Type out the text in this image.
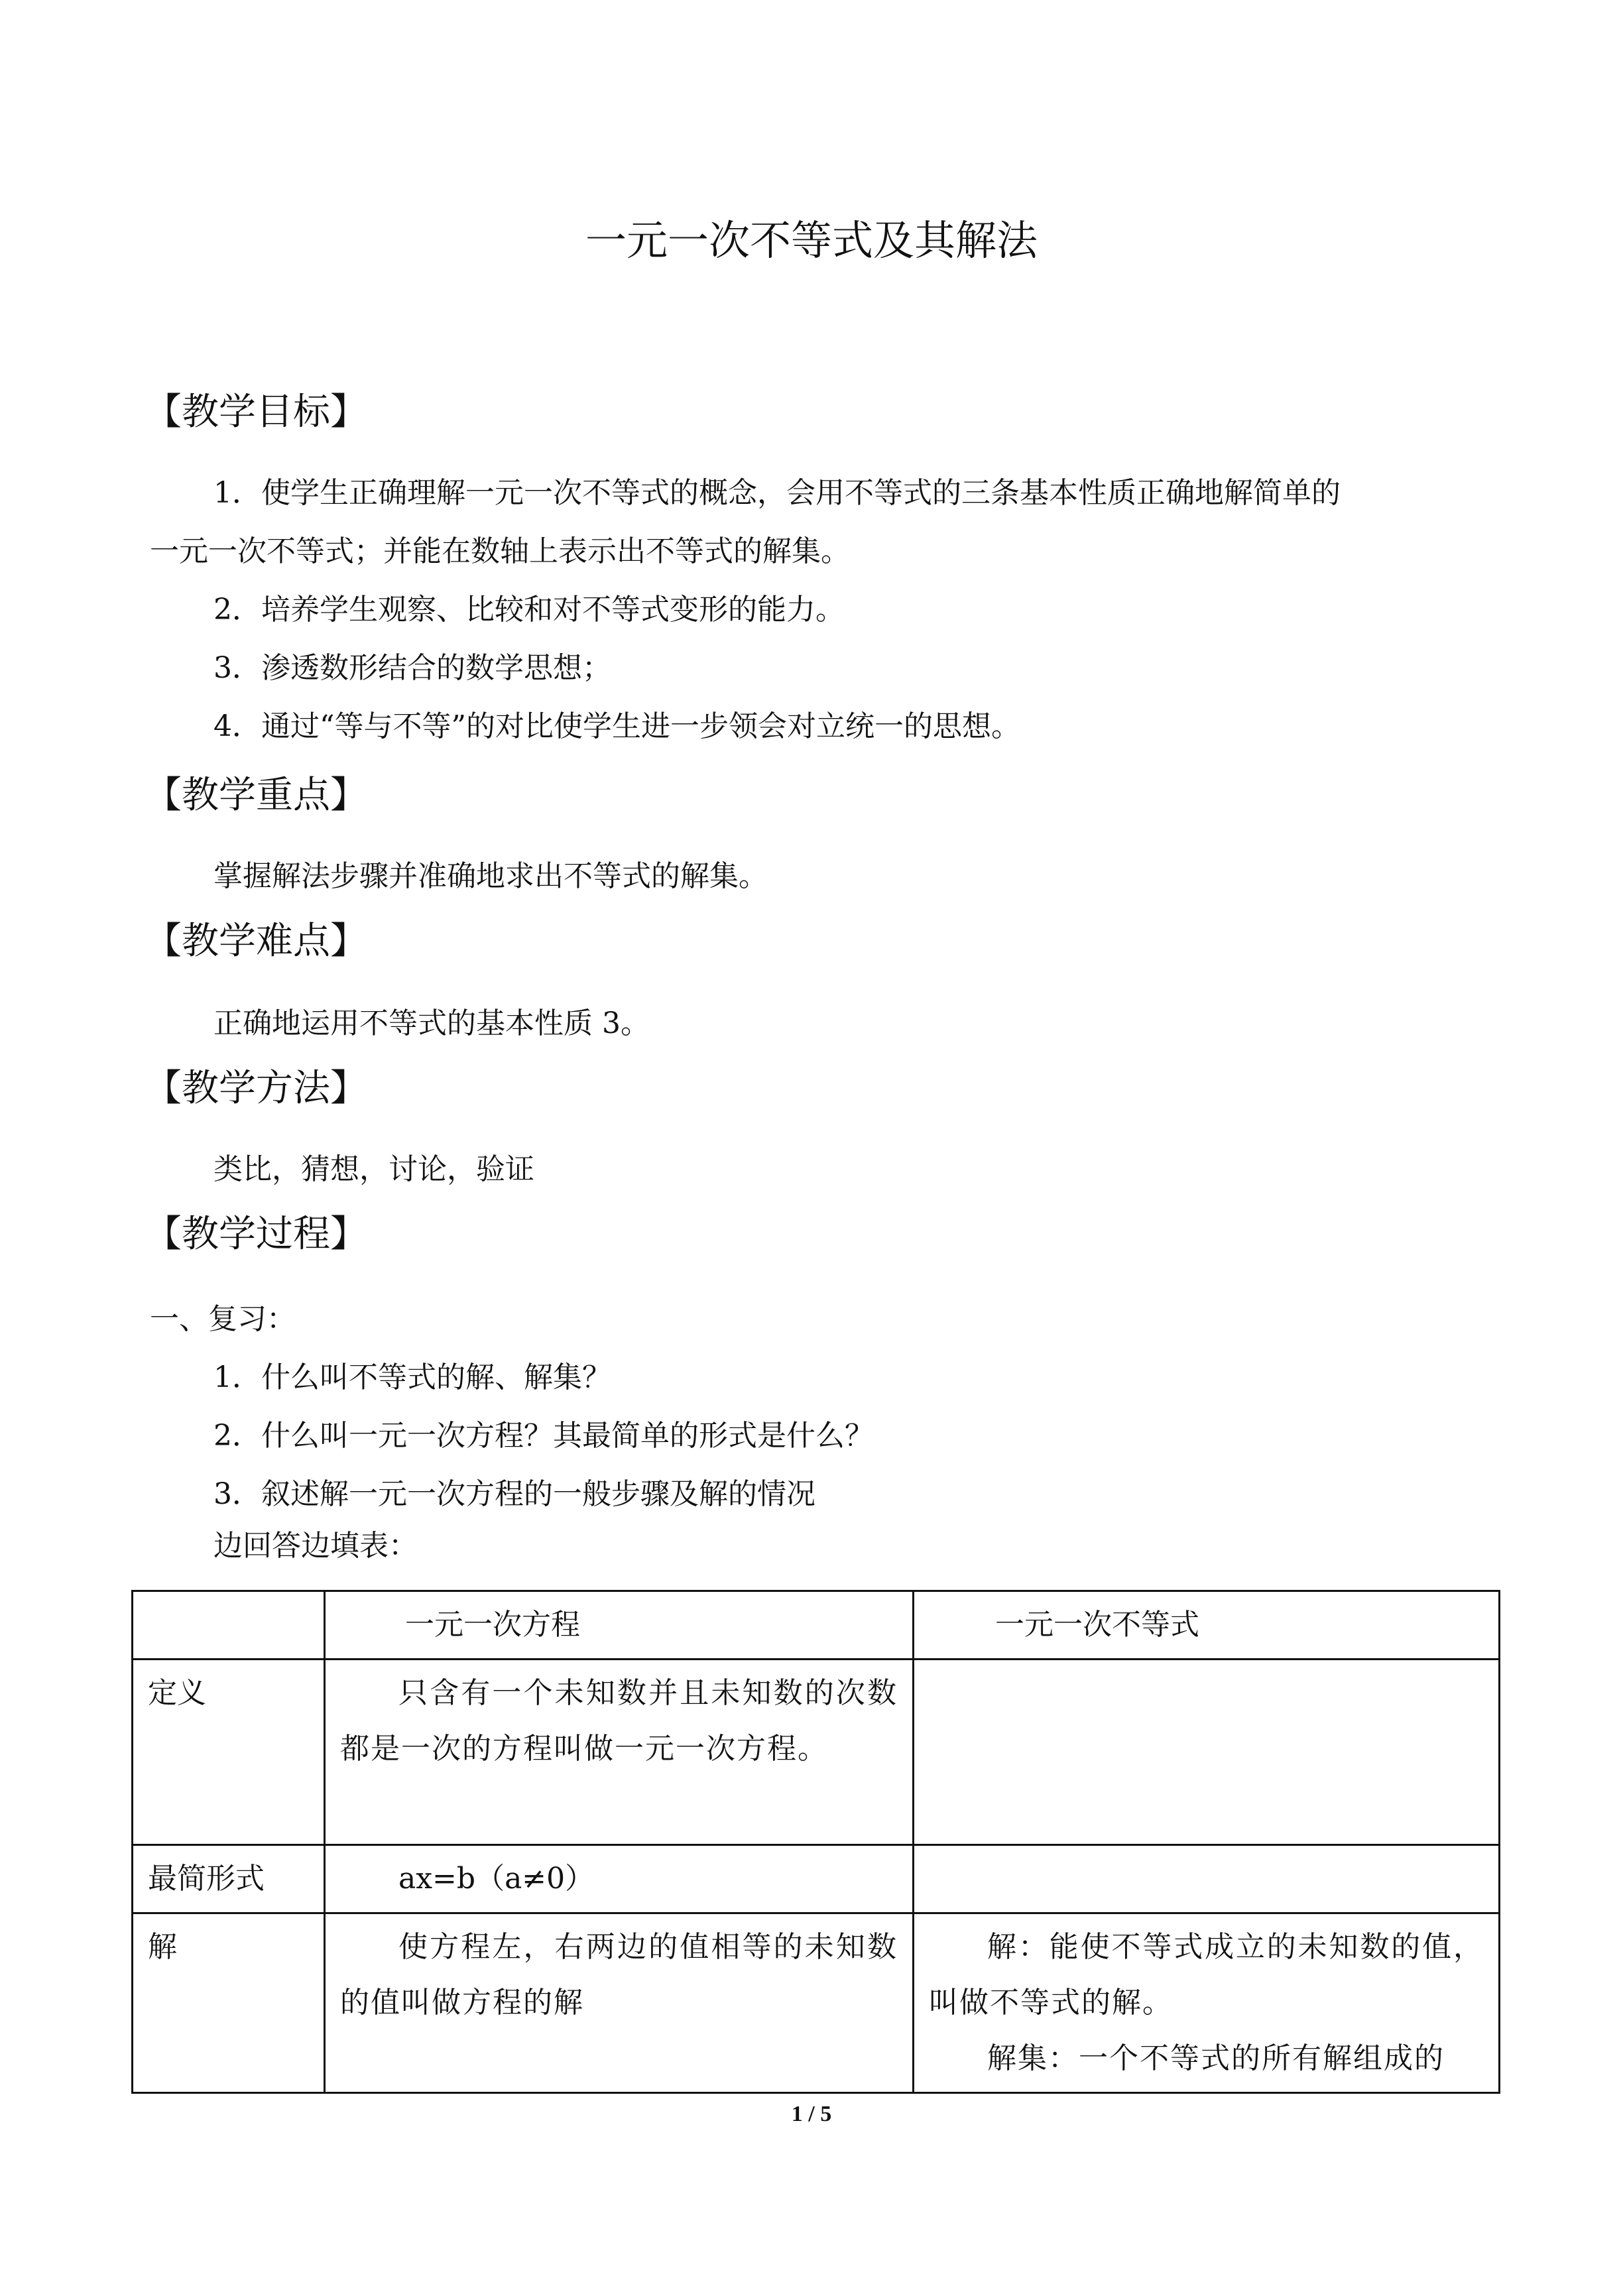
一元一次不等式及其解法
【教学目标】
1．使学生正确理解一元一次不等式的概念，会用不等式的三条基本性质正确地解简单的
一元一次不等式；并能在数轴上表示出不等式的解集。
2．培养学生观察、比较和对不等式变形的能力。
3．渗透数形结合的数学思想；
4．通过“等与不等”的对比使学生进一步领会对立统一的思想。
【教学重点】
掌握解法步骤并准确地求出不等式的解集。
【教学难点】
正确地运用不等式的基本性质 3。
【教学方法】
类比，猜想，讨论，验证
【教学过程】
一、复习：
1．什么叫不等式的解、解集？
2．什么叫一元一次方程？其最简单的形式是什么？
3．叙述解一元一次方程的一般步骤及解的情况
边回答边填表：
	一元一次方程	一元一次不等式
定义	只含有一个未知数并且未知数的次数都是一次的方程叫做一元一次方程。	
最简形式	ax=b（a≠0）	
解	使方程左，右两边的值相等的未知数的值叫做方程的解	解：能使不等式成立的未知数的值，叫做不等式的解。
解集：一个不等式的所有解组成的
1 / 5
